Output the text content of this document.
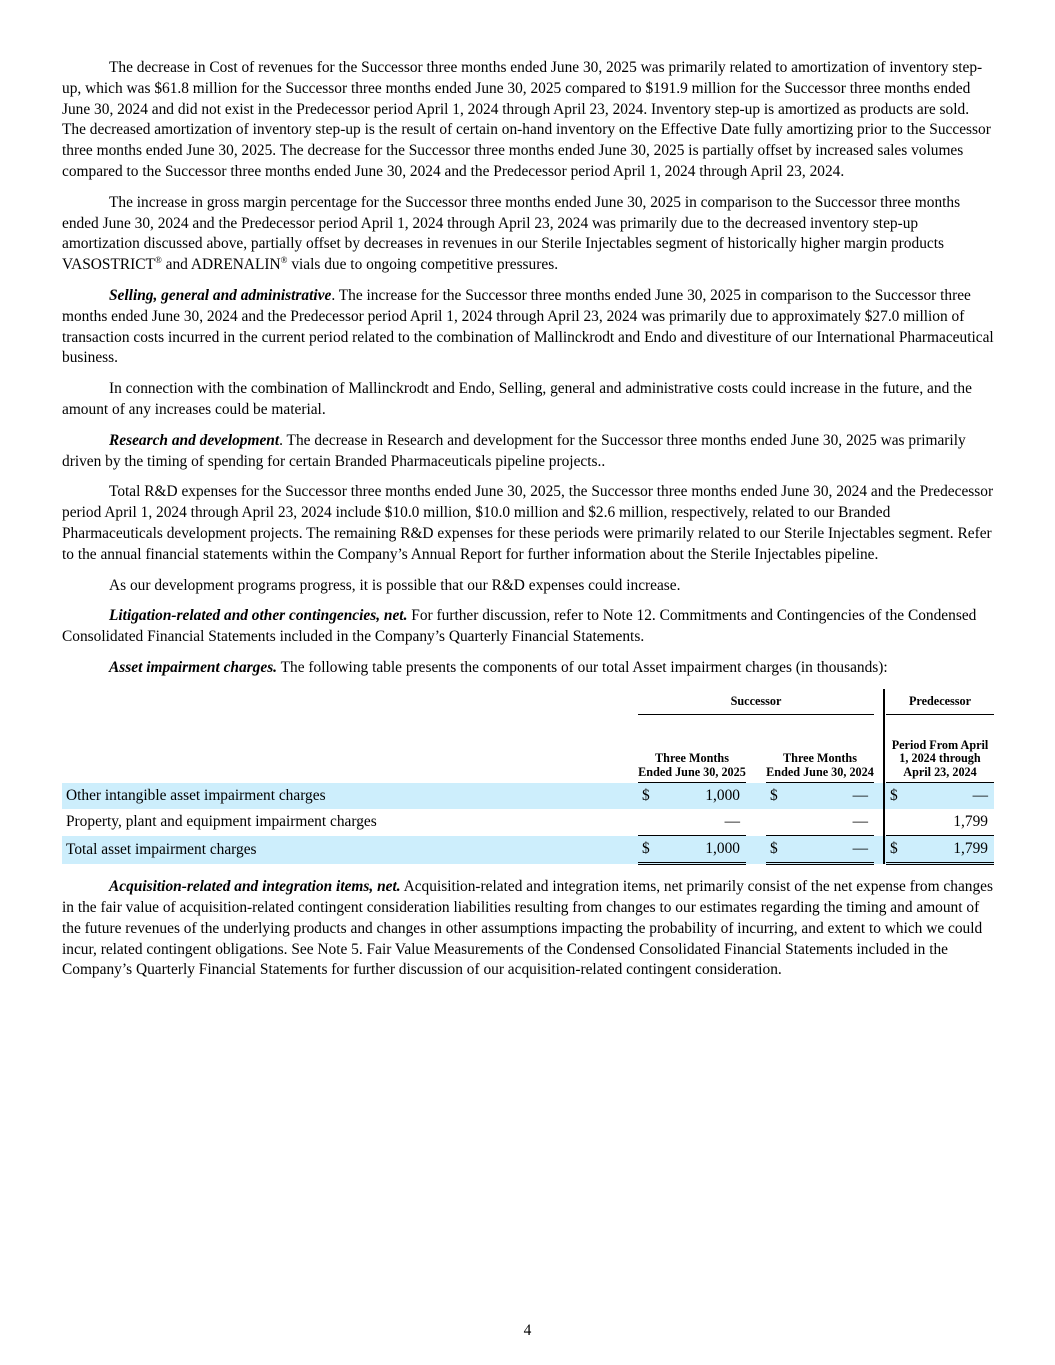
The decrease in Cost of revenues for the Successor three months ended June 30, 2025 was primarily related to amortization of inventory step-up, which was $61.8 million for the Successor three months ended June 30, 2025 compared to $191.9 million for the Successor three months ended June 30, 2024 and did not exist in the Predecessor period April 1, 2024 through April 23, 2024. Inventory step-up is amortized as products are sold. The decreased amortization of inventory step-up is the result of certain on-hand inventory on the Effective Date fully amortizing prior to the Successor three months ended June 30, 2025. The decrease for the Successor three months ended June 30, 2025 is partially offset by increased sales volumes compared to the Successor three months ended June 30, 2024 and the Predecessor period April 1, 2024 through April 23, 2024.

The increase in gross margin percentage for the Successor three months ended June 30, 2025 in comparison to the Successor three months ended June 30, 2024 and the Predecessor period April 1, 2024 through April 23, 2024 was primarily due to the decreased inventory step-up amortization discussed above, partially offset by decreases in revenues in our Sterile Injectables segment of historically higher margin products VASOSTRICT® and ADRENALIN® vials due to ongoing competitive pressures.

Selling, general and administrative. The increase for the Successor three months ended June 30, 2025 in comparison to the Successor three months ended June 30, 2024 and the Predecessor period April 1, 2024 through April 23, 2024 was primarily due to approximately $27.0 million of transaction costs incurred in the current period related to the combination of Mallinckrodt and Endo and divestiture of our International Pharmaceutical business.

In connection with the combination of Mallinckrodt and Endo, Selling, general and administrative costs could increase in the future, and the amount of any increases could be material.

Research and development. The decrease in Research and development for the Successor three months ended June 30, 2025 was primarily driven by the timing of spending for certain Branded Pharmaceuticals pipeline projects..

Total R&D expenses for the Successor three months ended June 30, 2025, the Successor three months ended June 30, 2024 and the Predecessor period April 1, 2024 through April 23, 2024 include $10.0 million, $10.0 million and $2.6 million, respectively, related to our Branded Pharmaceuticals development projects. The remaining R&D expenses for these periods were primarily related to our Sterile Injectables segment. Refer to the annual financial statements within the Company’s Annual Report for further information about the Sterile Injectables pipeline.

As our development programs progress, it is possible that our R&D expenses could increase.

Litigation-related and other contingencies, net. For further discussion, refer to Note 12. Commitments and Contingencies of the Condensed Consolidated Financial Statements included in the Company’s Quarterly Financial Statements.

Asset impairment charges. The following table presents the components of our total Asset impairment charges (in thousands):

		Successor							Predecessor	
		Three Months Ended June 30, 2025			Three Months Ended June 30, 2024				Period From April 1, 2024 through April 23, 2024	
Other intangible asset impairment charges		$	1,000		$	—			$	—
Property, plant and equipment impairment charges			—			—				1,799
Total asset impairment charges		$	1,000		$	—			$	1,799

Acquisition-related and integration items, net. Acquisition-related and integration items, net primarily consist of the net expense from changes in the fair value of acquisition-related contingent consideration liabilities resulting from changes to our estimates regarding the timing and amount of the future revenues of the underlying products and changes in other assumptions impacting the probability of incurring, and extent to which we could incur, related contingent obligations. See Note 5. Fair Value Measurements of the Condensed Consolidated Financial Statements included in the Company’s Quarterly Financial Statements for further discussion of our acquisition-related contingent consideration.

4
